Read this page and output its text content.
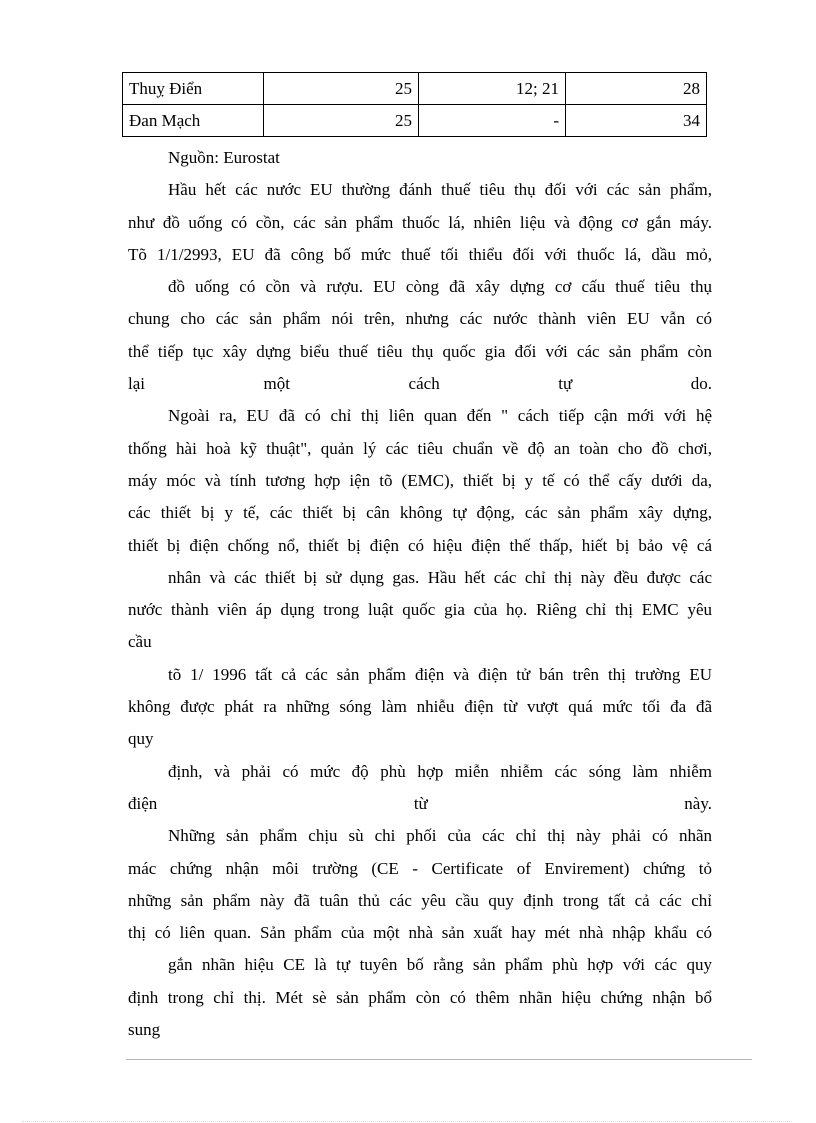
Thuỵ Điển	25	12; 21	28
Đan Mạch	25	-	34

Nguồn: Eurostat

Hầu hết các nước EU thường đánh thuế tiêu thụ đối với các sản phẩm,

như đồ uống có cồn, các sản phẩm thuốc lá, nhiên liệu và động cơ gắn máy.

Tõ 1/1/2993, EU đã công bố mức thuế tối thiểu đối với thuốc lá, dầu mỏ,

đồ uống có cồn và rượu. EU còng đã xây dựng cơ cấu thuế tiêu thụ

chung cho các sản phẩm nói trên, nhưng các nước thành viên EU vẫn có

thể tiếp tục xây dựng biểu thuế tiêu thụ quốc gia đối với các sản phẩm còn

lại một cách tự do.

Ngoài ra, EU đã có chỉ thị liên quan đến " cách tiếp cận mới với hệ

thống hài hoà kỹ thuật", quản lý các tiêu chuẩn về độ an toàn cho đồ chơi,

máy móc và tính tương hợp iện tõ (EMC), thiết bị y tế có thể cấy dưới da,

các thiết bị y tế, các thiết bị cân không tự động, các sản phẩm xây dựng,

thiết bị điện chống nổ, thiết bị điện có hiệu điện thế thấp, hiết bị bảo vệ cá

nhân và các thiết bị sử dụng gas. Hầu hết các chỉ thị này đều được các

nước thành viên áp dụng trong luật quốc gia của họ. Riêng chỉ thị EMC yêu

cầu

tõ 1/ 1996 tất cả các sản phẩm điện và điện tử bán trên thị trường EU

không được phát ra những sóng làm nhiễu điện từ vượt quá mức tối đa đã

quy

định, và phải có mức độ phù hợp miễn nhiễm các sóng làm nhiễm

điện từ này.

Những sản phẩm chịu sù chi phối của các chỉ thị này phải có nhãn

mác chứng nhận môi trường (CE - Certificate of Envirement) chứng tỏ

những sản phẩm này đã tuân thủ các yêu cầu quy định trong tất cả các chỉ

thị có liên quan. Sản phẩm của một nhà sản xuất hay mét nhà nhập khẩu có

gắn nhãn hiệu CE là tự tuyên bố rằng sản phẩm phù hợp với các quy

định trong chỉ thị. Mét sè sản phẩm còn có thêm nhãn hiệu chứng nhận bổ

sung
